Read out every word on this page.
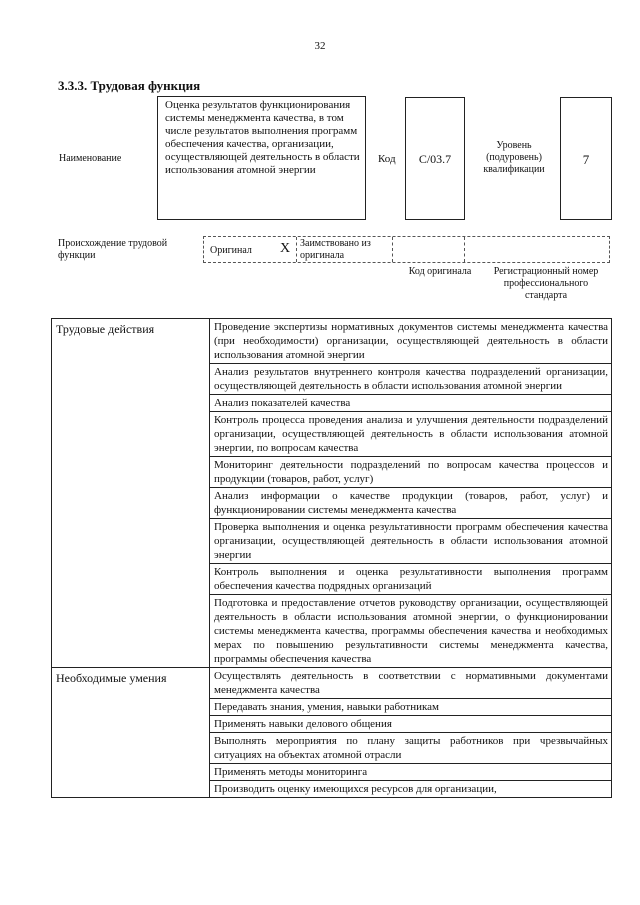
32
3.3.3. Трудовая функция
Наименование
Оценка результатов функционирования системы менеджмента качества, в том числе результатов выполнения программ обеспечения качества, организации, осуществляющей деятельность в области использования атомной энергии
Код	C/03.7
Уровень (подуровень) квалификации
7
Происхождение трудовой функции	Оригинал X Заимствовано из оригинала
Код оригинала	Регистрационный номер профессионального стандарта
Трудовые действия	Проведение экспертизы нормативных документов системы менеджмента качества (при необходимости) организации, осуществляющей деятельность в области использования атомной энергии
	Анализ результатов внутреннего контроля качества подразделений организации, осуществляющей деятельность в области использования атомной энергии
	Анализ показателей качества
	Контроль процесса проведения анализа и улучшения деятельности подразделений организации, осуществляющей деятельность в области использования атомной энергии, по вопросам качества
	Мониторинг деятельности подразделений по вопросам качества процессов и продукции (товаров, работ, услуг)
	Анализ информации о качестве продукции (товаров, работ, услуг) и функционировании системы менеджмента качества
	Проверка выполнения и оценка результативности программ обеспечения качества организации, осуществляющей деятельность в области использования атомной энергии
	Контроль выполнения и оценка результативности выполнения программ обеспечения качества подрядных организаций
	Подготовка и предоставление отчетов руководству организации, осуществляющей деятельность в области использования атомной энергии, о функционировании системы менеджмента качества, программы обеспечения качества и необходимых мерах по повышению результативности системы менеджмента качества, программы обеспечения качества
Необходимые умения	Осуществлять деятельность в соответствии с нормативными документами менеджмента качества
	Передавать знания, умения, навыки работникам
	Применять навыки делового общения
	Выполнять мероприятия по плану защиты работников при чрезвычайных ситуациях на объектах атомной отрасли
	Применять методы мониторинга
	Производить оценку имеющихся ресурсов для организации,
